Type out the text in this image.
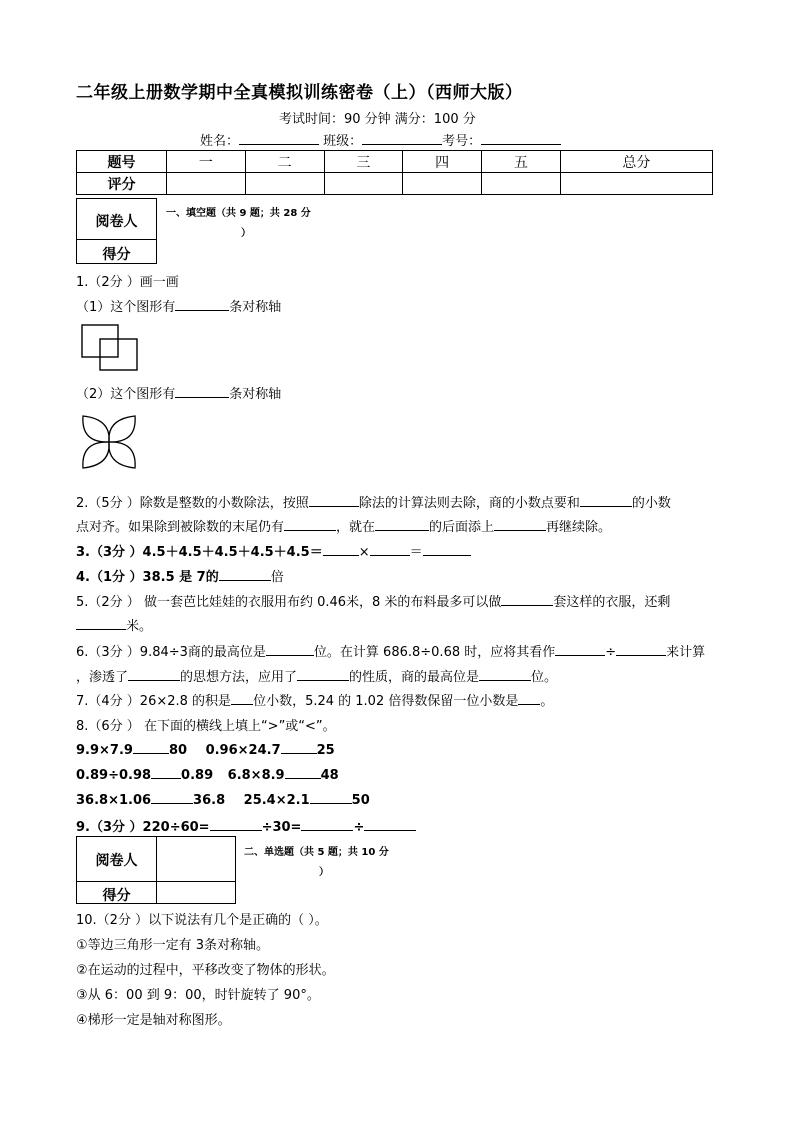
二年级上册数学期中全真模拟训练密卷（上）（西师大版）
考试时间：90 分钟 满分：100 分
姓名：	班级：	考号：
题号	一	二	三	四	五	总分
评分						
阅卷人
得分
一、填空题（共 9 题；共 28 分
）
1.（2分 ）画一画
（1）这个图形有	条对称轴
（2）这个图形有	条对称轴
2.（5分 ）除数是整数的小数除法，按照	除法的计算法则去除，商的小数点要和	的小数
点对齐。如果除到被除数的末尾仍有	，就在	的后面添上	再继续除。
3.（3分 ）4.5＋4.5＋4.5＋4.5＋4.5＝	×	＝
4.（1分 ）38.5 是 7的	倍
5.（2分 ） 做一套芭比娃娃的衣服用布约 0.46米，8 米的布料最多可以做	套这样的衣服，还剩
米。
6.（3分 ）9.84÷3商的最高位是	位。在计算 686.8÷0.68 时，应将其看作	÷	来计算
，渗透了	的思想方法，应用了	的性质，商的最高位是	位。
7.（4分 ）26×2.8 的积是 位小数，5.24 的 1.02 倍得数保留一位小数是 。
8.（6分 ） 在下面的横线上填上“>”或“<”。
9.9×7.9	80 0.96×24.7	25
0.89÷0.98 0.89 6.8×8.9	48
36.8×1.06	36.8 25.4×2.1	50
9.（3分 ）220÷60=	÷30=	÷
阅卷人
得分
二、单选题（共 5 题；共 10 分
）
10.（2分 ）以下说法有几个是正确的（ ）。
①等边三角形一定有 3条对称轴。
②在运动的过程中，平移改变了物体的形状。
③从 6：00 到 9：00，时针旋转了 90°。
④梯形一定是轴对称图形。
